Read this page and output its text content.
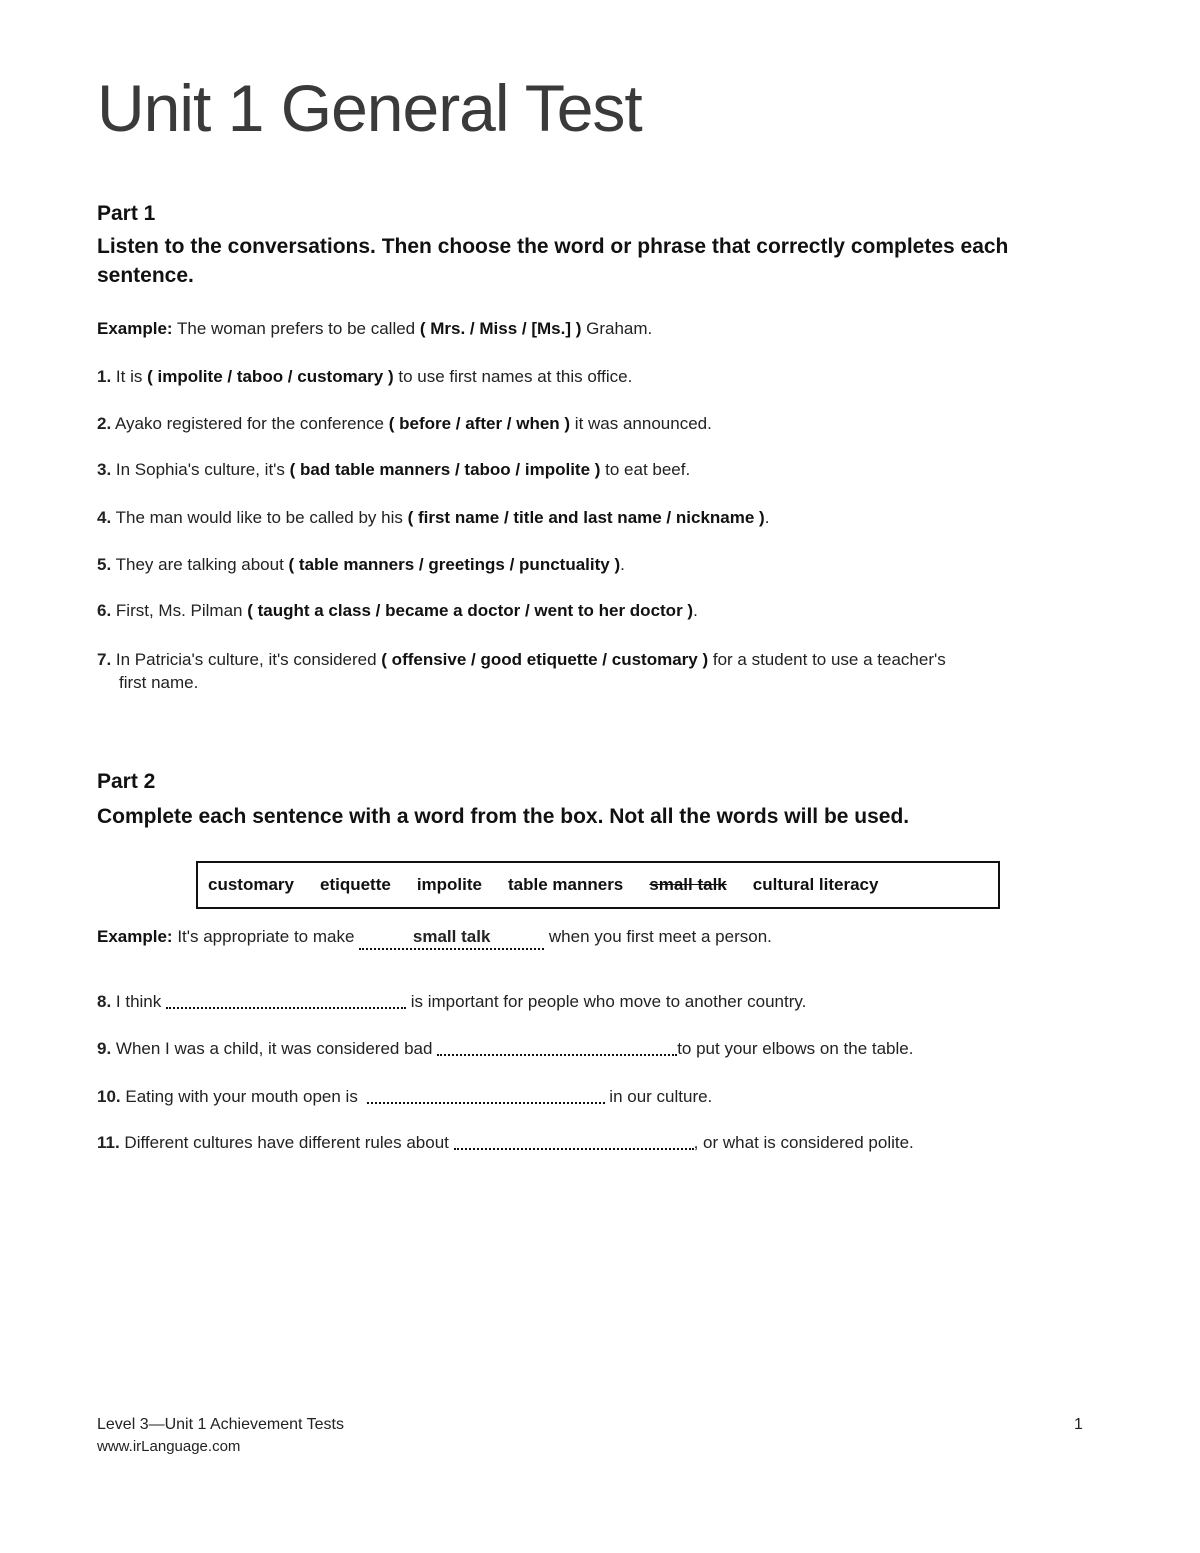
Unit 1 General Test
Part 1
Listen to the conversations. Then choose the word or phrase that correctly completes each sentence.
Example: The woman prefers to be called ( Mrs. / Miss / [Ms.] ) Graham.
1. It is ( impolite / taboo / customary ) to use first names at this office.
2. Ayako registered for the conference ( before / after / when ) it was announced.
3. In Sophia's culture, it's ( bad table manners / taboo / impolite ) to eat beef.
4. The man would like to be called by his ( first name / title and last name / nickname ).
5. They are talking about ( table manners / greetings / punctuality ).
6. First, Ms. Pilman ( taught a class / became a doctor / went to her doctor ).
7. In Patricia's culture, it's considered ( offensive / good etiquette / customary ) for a student to use a teacher's
first name.
Part 2
Complete each sentence with a word from the box. Not all the words will be used.
customary etiquette impolite table manners small talk cultural literacy
Example: It's appropriate to make	small talk	when you first meet a person.
8. I think	is important for people who move to another country.
9. When I was a child, it was considered bad	to put your elbows on the table.
10. Eating with your mouth open is	in our culture.
11. Different cultures have different rules about	, or what is considered polite.
Level 3—Unit 1 Achievement Tests
www.irLanguage.com
1
